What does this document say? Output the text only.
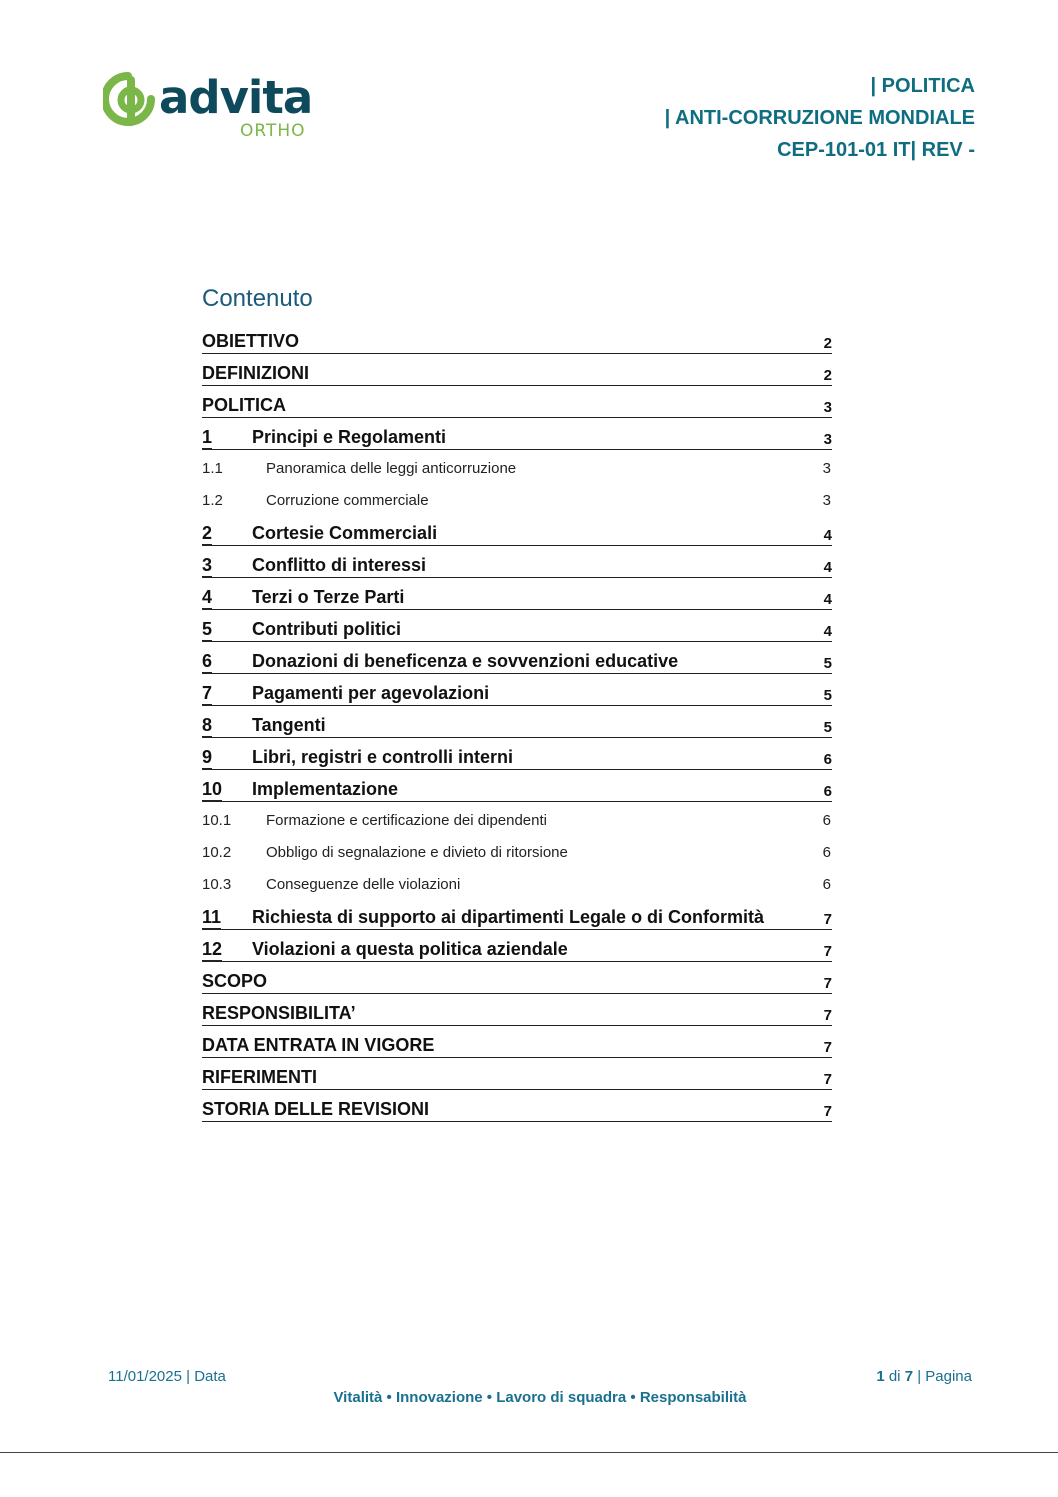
advita
ORTHO
| POLITICA
| ANTI-CORRUZIONE MONDIALE
CEP-101-01 IT| REV -
Contenuto
OBIETTIVO	2
DEFINIZIONI	2
POLITICA	3
1 Principi e Regolamenti	3
1.1	Panoramica delle leggi anticorruzione	3
1.2	Corruzione commerciale	3
2 Cortesie Commerciali	4
3 Conflitto di interessi	4
4 Terzi o Terze Parti	4
5 Contributi politici	4
6 Donazioni di beneficenza e sovvenzioni educative	5
7 Pagamenti per agevolazioni	5
8 Tangenti	5
9 Libri, registri e controlli interni	6
10 Implementazione	6
10.1 Formazione e certificazione dei dipendenti	6
10.2 Obbligo di segnalazione e divieto di ritorsione	6
10.3 Conseguenze delle violazioni	6
11 Richiesta di supporto ai dipartimenti Legale o di Conformità	7
12 Violazioni a questa politica aziendale	7
SCOPO	7
RESPONSIBILITA’	7
DATA ENTRATA IN VIGORE	7
RIFERIMENTI	7
STORIA DELLE REVISIONI	7
11/01/2025 | Data	1 di 7 | Pagina
Vitalità • Innovazione • Lavoro di squadra • Responsabilità
